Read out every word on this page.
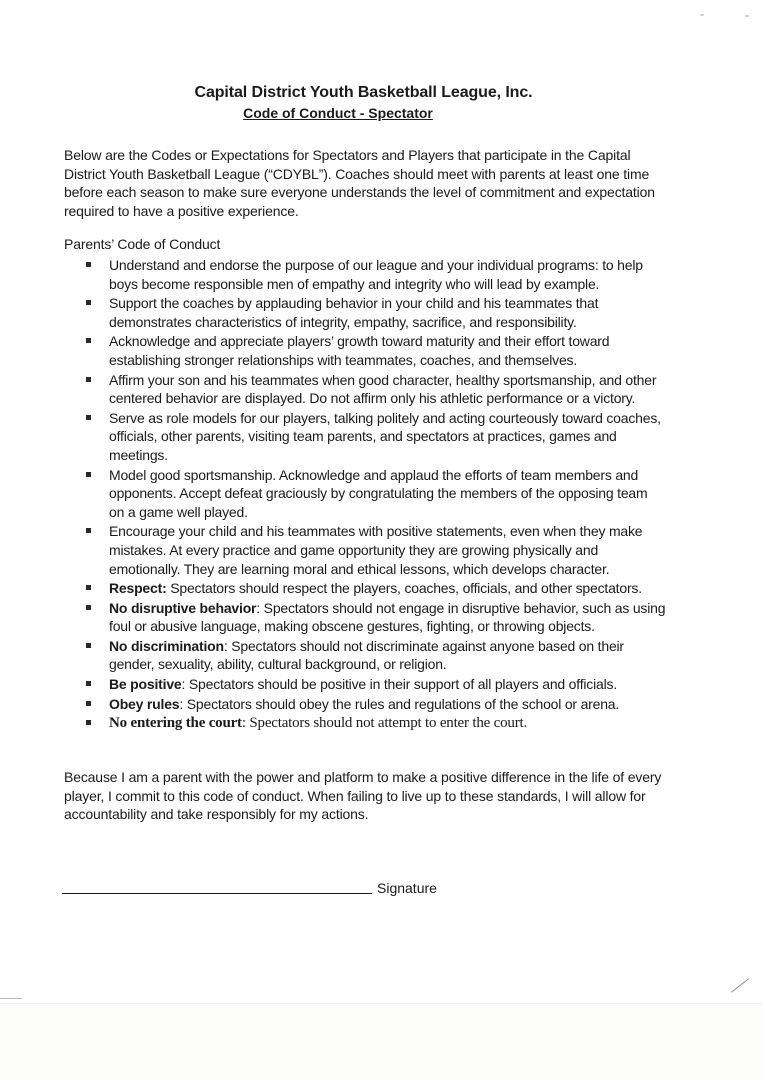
Capital District Youth Basketball League, Inc.
Code of Conduct - Spectator
Below are the Codes or Expectations for Spectators and Players that participate in the Capital District Youth Basketball League (“CDYBL”). Coaches should meet with parents at least one time before each season to make sure everyone understands the level of commitment and expectation required to have a positive experience.
Parents’ Code of Conduct
Understand and endorse the purpose of our league and your individual programs: to help boys become responsible men of empathy and integrity who will lead by example.
Support the coaches by applauding behavior in your child and his teammates that demonstrates characteristics of integrity, empathy, sacrifice, and responsibility.
Acknowledge and appreciate players’ growth toward maturity and their effort toward establishing stronger relationships with teammates, coaches, and themselves.
Affirm your son and his teammates when good character, healthy sportsmanship, and other centered behavior are displayed. Do not affirm only his athletic performance or a victory.
Serve as role models for our players, talking politely and acting courteously toward coaches, officials, other parents, visiting team parents, and spectators at practices, games and meetings.
Model good sportsmanship. Acknowledge and applaud the efforts of team members and opponents. Accept defeat graciously by congratulating the members of the opposing team on a game well played.
Encourage your child and his teammates with positive statements, even when they make mistakes. At every practice and game opportunity they are growing physically and emotionally. They are learning moral and ethical lessons, which develops character.
Respect: Spectators should respect the players, coaches, officials, and other spectators.
No disruptive behavior: Spectators should not engage in disruptive behavior, such as using foul or abusive language, making obscene gestures, fighting, or throwing objects.
No discrimination: Spectators should not discriminate against anyone based on their gender, sexuality, ability, cultural background, or religion.
Be positive: Spectators should be positive in their support of all players and officials.
Obey rules: Spectators should obey the rules and regulations of the school or arena.
No entering the court: Spectators should not attempt to enter the court.
Because I am a parent with the power and platform to make a positive difference in the life of every player, I commit to this code of conduct. When failing to live up to these standards, I will allow for accountability and take responsibly for my actions.
Signature
